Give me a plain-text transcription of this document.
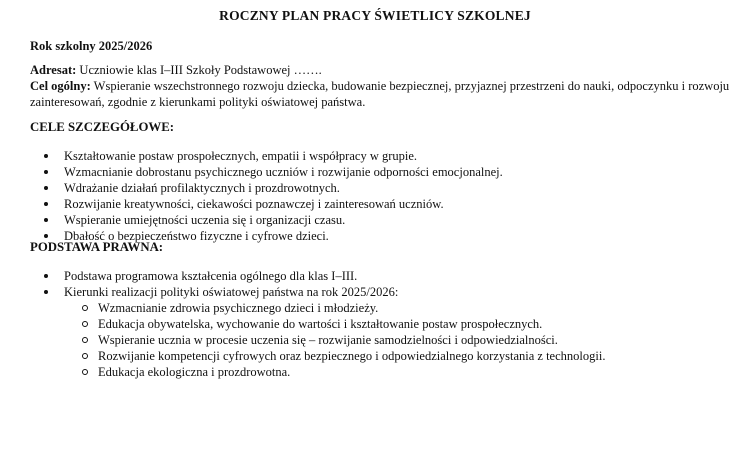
ROCZNY PLAN PRACY ŚWIETLICY SZKOLNEJ
Rok szkolny 2025/2026
Adresat: Uczniowie klas I–III Szkoły Podstawowej …….
Cel ogólny: Wspieranie wszechstronnego rozwoju dziecka, budowanie bezpiecznej, przyjaznej przestrzeni do nauki, odpoczynku i rozwoju zainteresowań, zgodnie z kierunkami polityki oświatowej państwa.
CELE SZCZEGÓŁOWE:
Kształtowanie postaw prospołecznych, empatii i współpracy w grupie.
Wzmacnianie dobrostanu psychicznego uczniów i rozwijanie odporności emocjonalnej.
Wdrażanie działań profilaktycznych i prozdrowotnych.
Rozwijanie kreatywności, ciekawości poznawczej i zainteresowań uczniów.
Wspieranie umiejętności uczenia się i organizacji czasu.
Dbałość o bezpieczeństwo fizyczne i cyfrowe dzieci.
PODSTAWA PRAWNA:
Podstawa programowa kształcenia ogólnego dla klas I–III.
Kierunki realizacji polityki oświatowej państwa na rok 2025/2026:
Wzmacnianie zdrowia psychicznego dzieci i młodzieży.
Edukacja obywatelska, wychowanie do wartości i kształtowanie postaw prospołecznych.
Wspieranie ucznia w procesie uczenia się – rozwijanie samodzielności i odpowiedzialności.
Rozwijanie kompetencji cyfrowych oraz bezpiecznego i odpowiedzialnego korzystania z technologii.
Edukacja ekologiczna i prozdrowotna.
